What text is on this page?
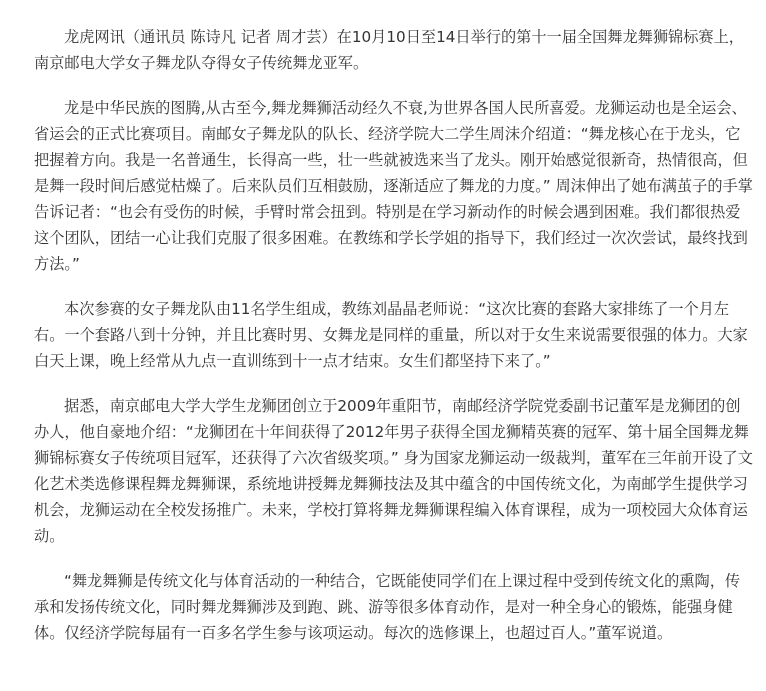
龙虎网讯（通讯员 陈诗凡 记者 周才芸）在10月10日至14日举行的第十一届全国舞龙舞狮锦标赛上，南京邮电大学女子舞龙队夺得女子传统舞龙亚军。

龙是中华民族的图腾,从古至今,舞龙舞狮活动经久不衰,为世界各国人民所喜爱。龙狮运动也是全运会、省运会的正式比赛项目。南邮女子舞龙队的队长、经济学院大二学生周沫介绍道：“舞龙核心在于龙头，它把握着方向。我是一名普通生，长得高一些，壮一些就被选来当了龙头。刚开始感觉很新奇，热情很高，但是舞一段时间后感觉枯燥了。后来队员们互相鼓励，逐渐适应了舞龙的力度。” 周沫伸出了她布满茧子的手掌告诉记者：“也会有受伤的时候，手臂时常会扭到。特别是在学习新动作的时候会遇到困难。我们都很热爱这个团队，团结一心让我们克服了很多困难。在教练和学长学姐的指导下，我们经过一次次尝试，最终找到方法。”

本次参赛的女子舞龙队由11名学生组成，教练刘晶晶老师说：“这次比赛的套路大家排练了一个月左右。一个套路八到十分钟，并且比赛时男、女舞龙是同样的重量，所以对于女生来说需要很强的体力。大家白天上课，晚上经常从九点一直训练到十一点才结束。女生们都坚持下来了。”

据悉，南京邮电大学大学生龙狮团创立于2009年重阳节，南邮经济学院党委副书记董军是龙狮团的创办人，他自豪地介绍：“龙狮团在十年间获得了2012年男子获得全国龙狮精英赛的冠军、第十届全国舞龙舞狮锦标赛女子传统项目冠军，还获得了六次省级奖项。” 身为国家龙狮运动一级裁判，董军在三年前开设了文化艺术类选修课程舞龙舞狮课，系统地讲授舞龙舞狮技法及其中蕴含的中国传统文化，为南邮学生提供学习机会，龙狮运动在全校发扬推广。未来，学校打算将舞龙舞狮课程编入体育课程，成为一项校园大众体育运动。

“舞龙舞狮是传统文化与体育活动的一种结合，它既能使同学们在上课过程中受到传统文化的熏陶，传承和发扬传统文化，同时舞龙舞狮涉及到跑、跳、游等很多体育动作，是对一种全身心的锻炼，能强身健体。仅经济学院每届有一百多名学生参与该项运动。每次的选修课上，也超过百人。”董军说道。
